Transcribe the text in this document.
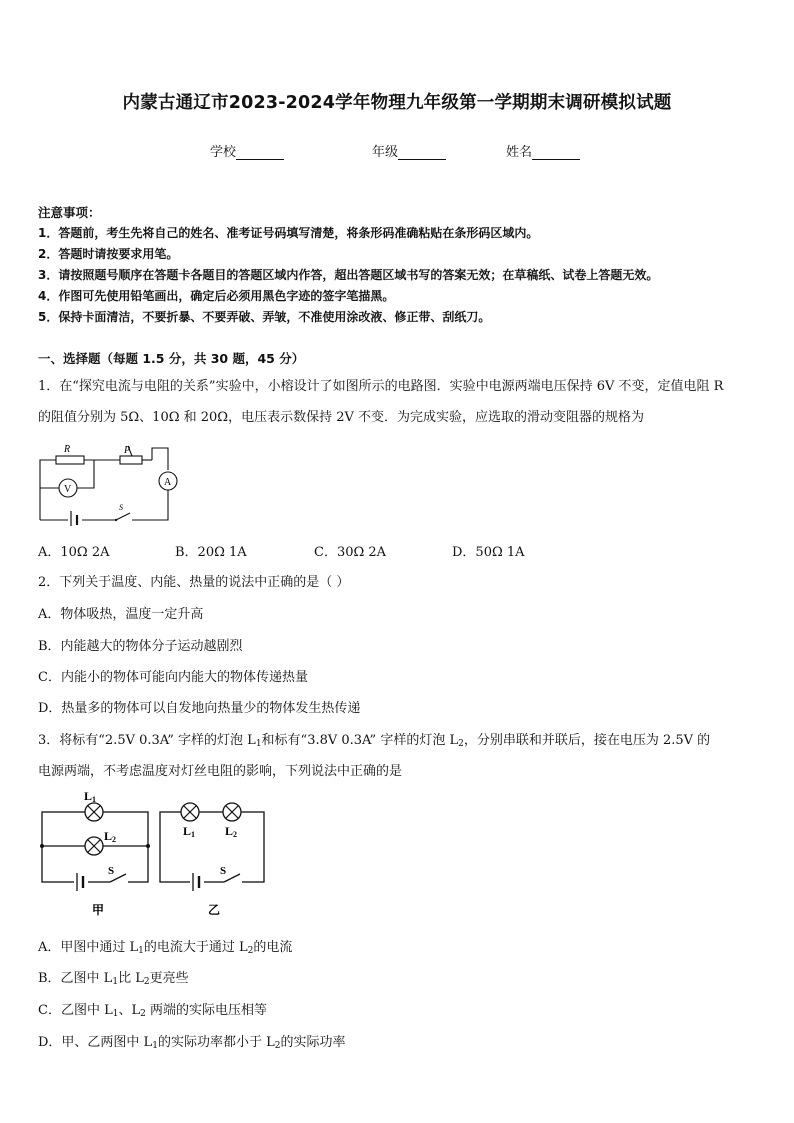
内蒙古通辽市2023-2024学年物理九年级第一学期期末调研模拟试题
学校	年级	姓名
注意事项：
1．答题前，考生先将自己的姓名、准考证号码填写清楚，将条形码准确粘贴在条形码区域内。
2．答题时请按要求用笔。
3．请按照题号顺序在答题卡各题目的答题区域内作答，超出答题区域书写的答案无效；在草稿纸、试卷上答题无效。
4．作图可先使用铅笔画出，确定后必须用黑色字迹的签字笔描黑。
5．保持卡面清洁，不要折暴、不要弄破、弄皱，不准使用涂改液、修正带、刮纸刀。
一、选择题（每题 1.5 分，共 30 题，45 分）
1．在“探究电流与电阻的关系”实验中，小榕设计了如图所示的电路图．实验中电源两端电压保持 6V 不变，定值电阻 R
的阻值分别为 5Ω、10Ω 和 20Ω，电压表示数保持 2V 不变．为完成实验，应选取的滑动变阻器的规格为
R	P
V
A
S
A．10Ω 2A	B．20Ω 1A	C．30Ω 2A	D．50Ω 1A
2．下列关于温度、内能、热量的说法中正确的是（ ）
A．物体吸热，温度一定升高
B．内能越大的物体分子运动越剧烈
C．内能小的物体可能向内能大的物体传递热量
D．热量多的物体可以自发地向热量少的物体发生热传递
3．将标有“2.5V 0.3A” 字样的灯泡 $L_1$和标有“3.8V 0.3A” 字样的灯泡 $L_2$，分别串联和并联后，接在电压为 2.5V 的
电源两端，不考虑温度对灯丝电阻的影响，下列说法中正确的是
L1
L2
S
甲
L1 L2
S
乙
A．甲图中通过 $L_1$的电流大于通过 $L_2$的电流
B．乙图中 $L_1$比 $L_2$更亮些
C．乙图中 $L_1$、$L_2$ 两端的实际电压相等
D．甲、乙两图中 $L_1$的实际功率都小于 $L_2$的实际功率
